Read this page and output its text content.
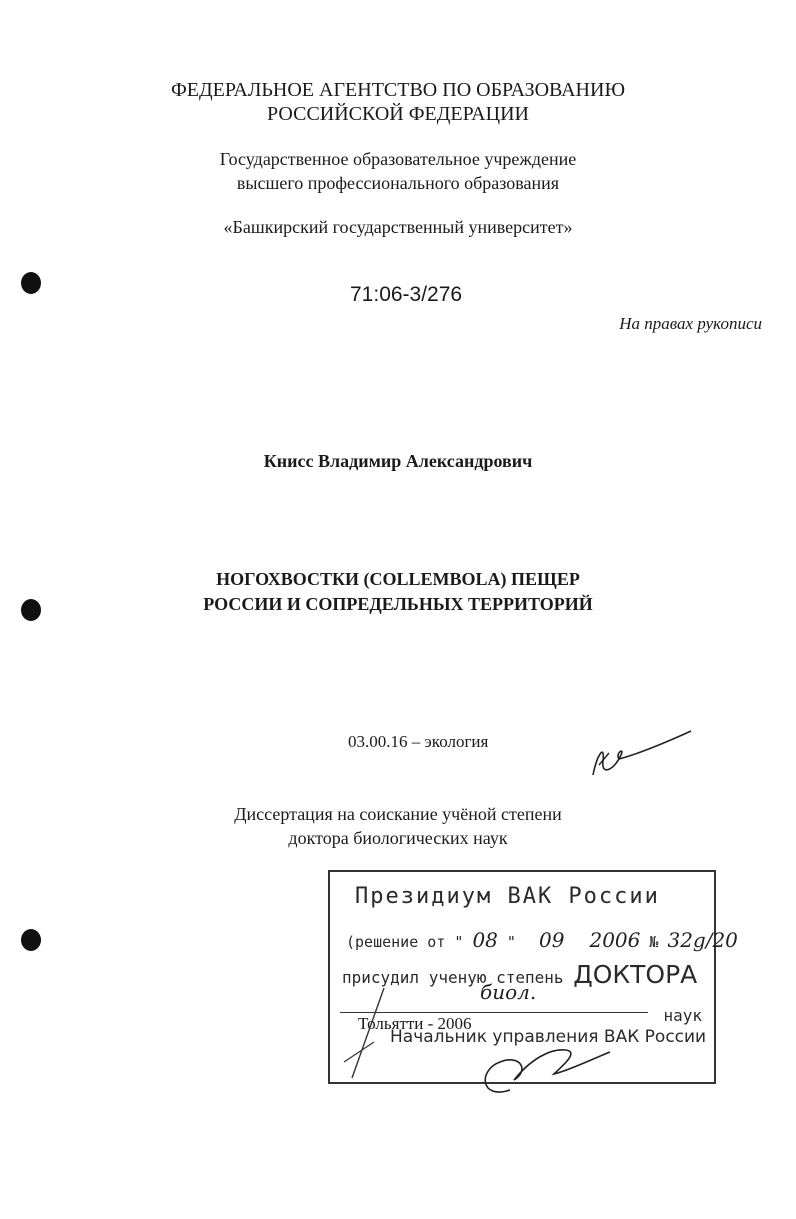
ФЕДЕРАЛЬНОЕ АГЕНТСТВО ПО ОБРАЗОВАНИЮ
РОССИЙСКОЙ ФЕДЕРАЦИИ
Государственное образовательное учреждение
высшего профессионального образования
«Башкирский государственный университет»
71:06-3/276
На правах рукописи
Книсс Владимир Александрович
НОГОХВОСТКИ (COLLEMBOLA) ПЕЩЕР
РОССИИ И СОПРЕДЕЛЬНЫХ ТЕРРИТОРИЙ
03.00.16 – экология
Диссертация на соискание учёной степени
доктора биологических наук
Президиум ВАК России
(решение от " 08 " 09 2006 № 32g/20
присудил ученую степень ДОКТОРА
биол.
наук
Начальник управления ВАК России
Тольятти - 2006
